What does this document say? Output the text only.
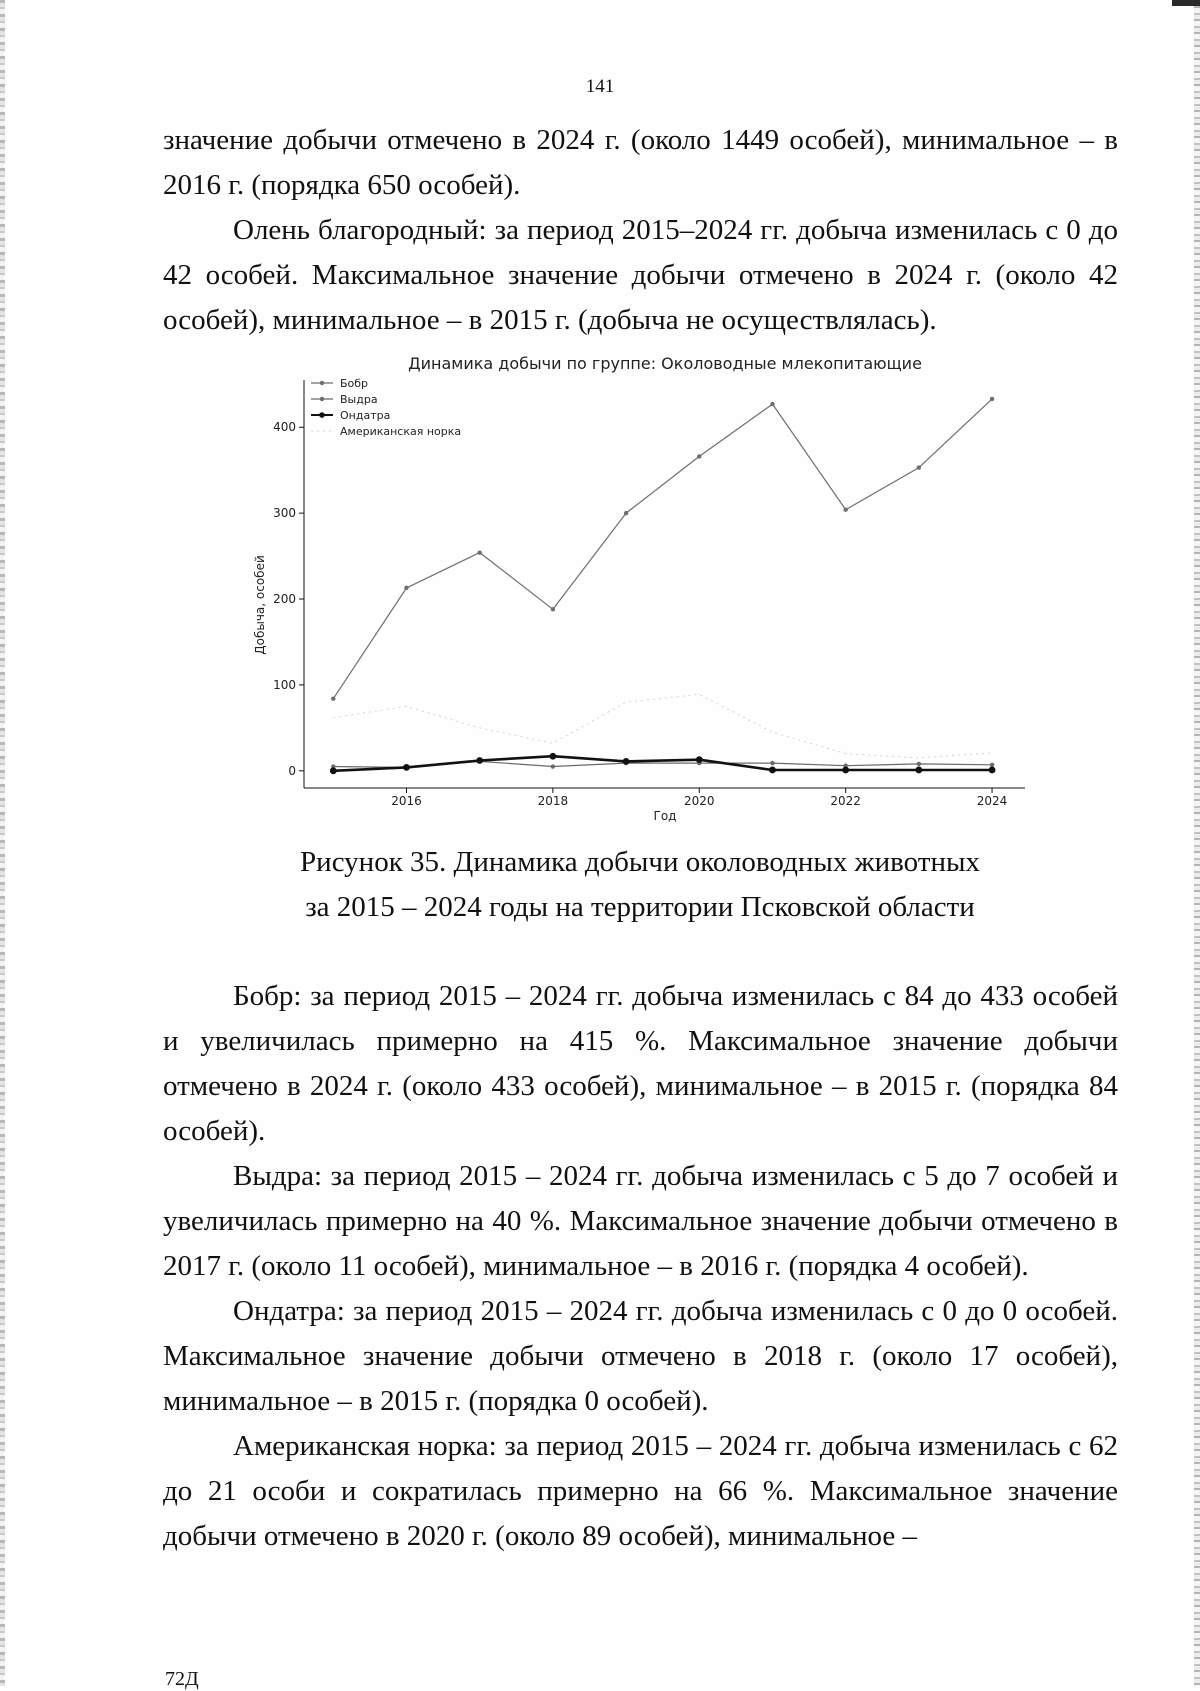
141

значение добычи отмечено в 2024 г. (около 1449 особей), минимальное – в 2016 г. (порядка 650 особей).

Олень благородный: за период 2015–2024 гг. добыча изменилась с 0 до 42 особей. Максимальное значение добычи отмечено в 2024 г. (около 42 особей), минимальное – в 2015 г. (добыча не осуществлялась).

Динамика добычи по группе: Околоводные млекопитающие
0
100
200
300
400
2016	2018	2020	2022	2024
Бобр
Выдра
Ондатра
Американская норка
Год
Добыча, особей
Рисунок 35. Динамика добычи околоводных животных
за 2015 – 2024 годы на территории Псковской области

Бобр: за период 2015 – 2024 гг. добыча изменилась с 84 до 433 особей и увеличилась примерно на 415 %. Максимальное значение добычи отмечено в 2024 г. (около 433 особей), минимальное – в 2015 г. (порядка 84 особей).

Выдра: за период 2015 – 2024 гг. добыча изменилась с 5 до 7 особей и увеличилась примерно на 40 %. Максимальное значение добычи отмечено в 2017 г. (около 11 особей), минимальное – в 2016 г. (порядка 4 особей).

Ондатра: за период 2015 – 2024 гг. добыча изменилась с 0 до 0 особей. Максимальное значение добычи отмечено в 2018 г. (около 17 особей), минимальное – в 2015 г. (порядка 0 особей).

Американская норка: за период 2015 – 2024 гг. добыча изменилась с 62 до 21 особи и сократилась примерно на 66 %. Максимальное значение добычи отмечено в 2020 г. (около 89 особей), минимальное –

72Д
